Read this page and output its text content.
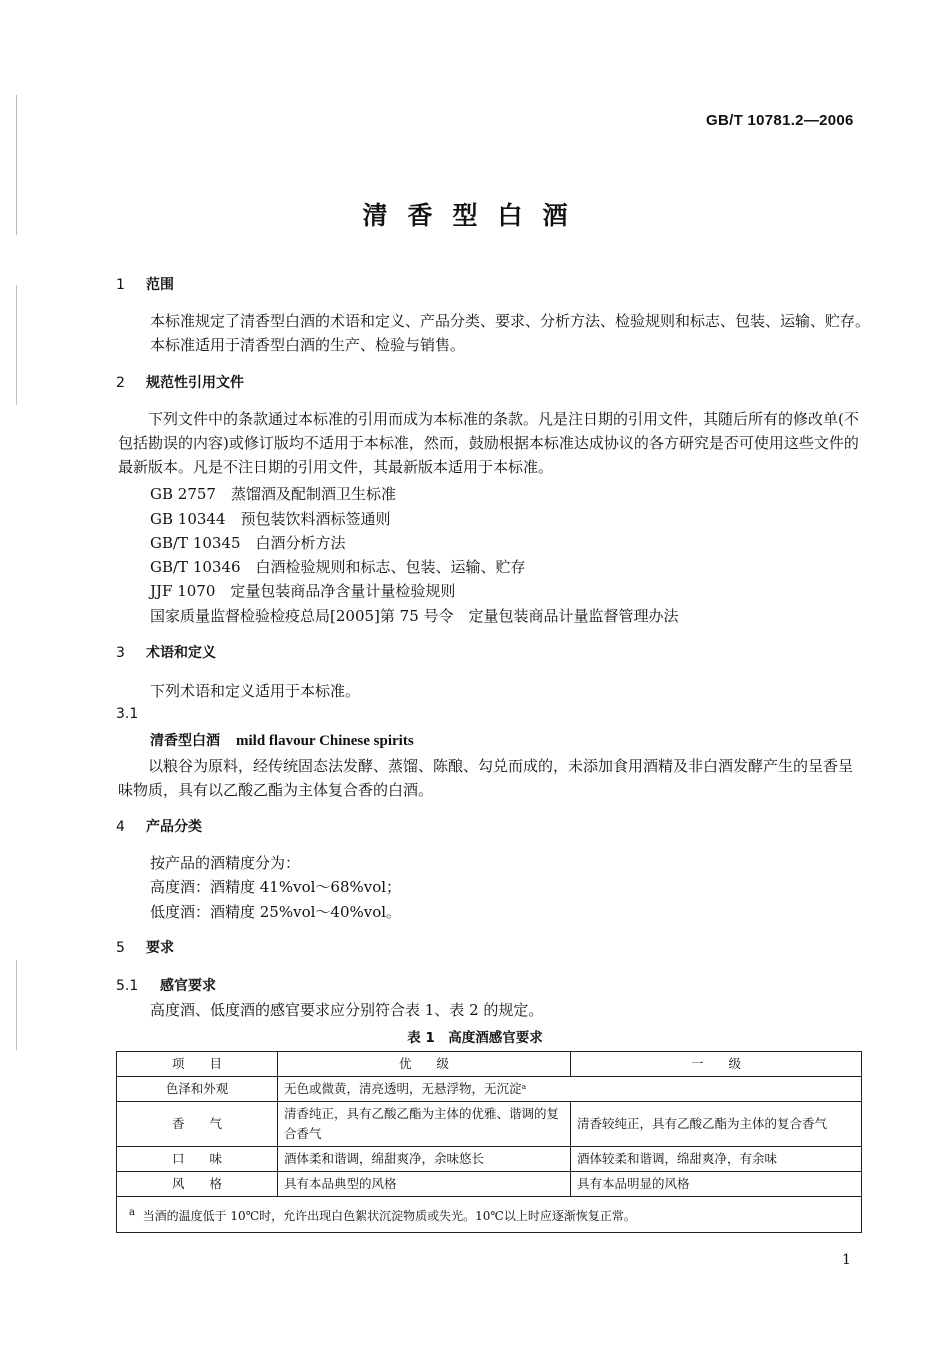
GB/T 10781.2—2006
清香型白酒
1 范围
本标准规定了清香型白酒的术语和定义、产品分类、要求、分析方法、检验规则和标志、包装、运输、贮存。
本标准适用于清香型白酒的生产、检验与销售。
2 规范性引用文件
下列文件中的条款通过本标准的引用而成为本标准的条款。凡是注日期的引用文件，其随后所有的修改单(不包括勘误的内容)或修订版均不适用于本标准，然而，鼓励根据本标准达成协议的各方研究是否可使用这些文件的最新版本。凡是不注日期的引用文件，其最新版本适用于本标准。
GB 2757　蒸馏酒及配制酒卫生标准
GB 10344　预包装饮料酒标签通则
GB/T 10345　白酒分析方法
GB/T 10346　白酒检验规则和标志、包装、运输、贮存
JJF 1070　定量包装商品净含量计量检验规则
国家质量监督检验检疫总局[2005]第 75 号令　定量包装商品计量监督管理办法
3 术语和定义
下列术语和定义适用于本标准。
3.1
清香型白酒 mild flavour Chinese spirits
以粮谷为原料，经传统固态法发酵、蒸馏、陈酿、勾兑而成的，未添加食用酒精及非白酒发酵产生的呈香呈味物质，具有以乙酸乙酯为主体复合香的白酒。
4 产品分类
按产品的酒精度分为：
高度酒：酒精度 41%vol～68%vol；
低度酒：酒精度 25%vol～40%vol。
5 要求
5.1 感官要求
高度酒、低度酒的感官要求应分别符合表 1、表 2 的规定。
表 1　高度酒感官要求
项　　目	优　　级	一　　级
色泽和外观	无色或微黄，清亮透明，无悬浮物，无沉淀ᵃ	
香　　气	清香纯正，具有乙酸乙酯为主体的优雅、谐调的复合香气	清香较纯正，具有乙酸乙酯为主体的复合香气
口　　味	酒体柔和谐调，绵甜爽净，余味悠长	酒体较柔和谐调，绵甜爽净，有余味
风　　格	具有本品典型的风格	具有本品明显的风格
$^a$ 当酒的温度低于 10℃时，允许出现白色絮状沉淀物质或失光。10℃以上时应逐渐恢复正常。		
1
